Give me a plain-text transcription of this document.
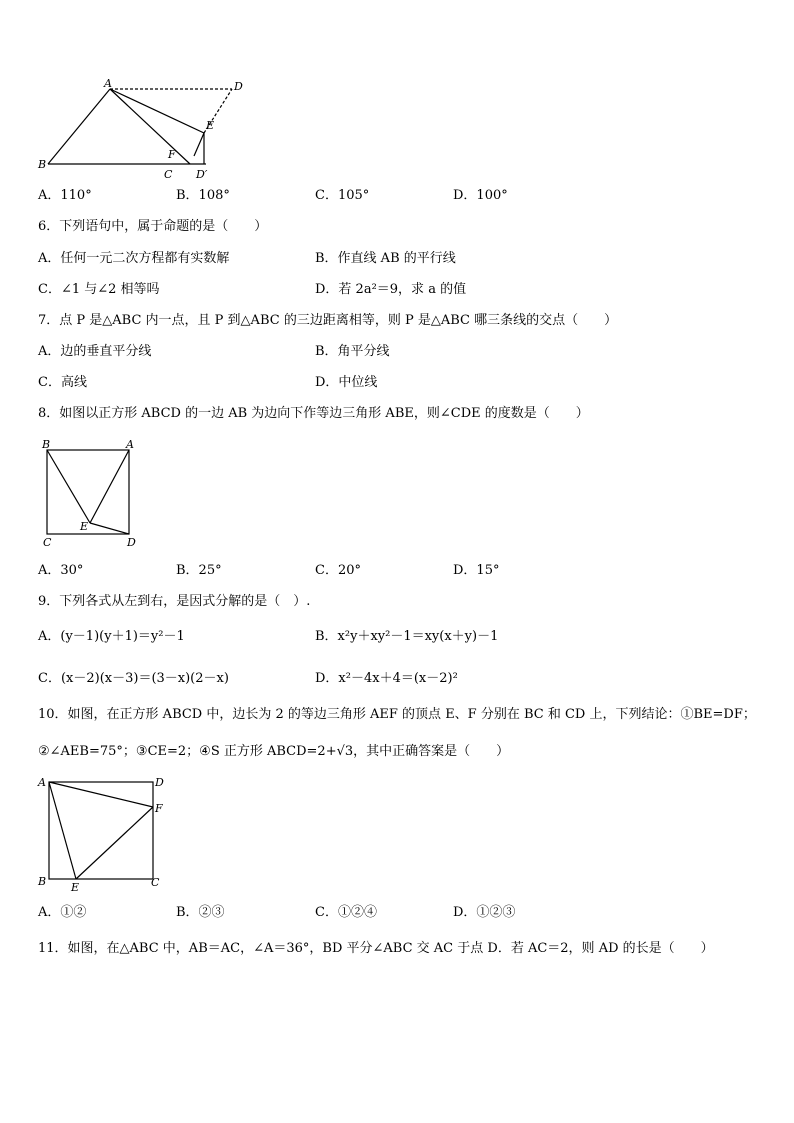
A	D
E
B
F
C D′
A．110°	B．108°	C．105°	D．100°
6．下列语句中，属于命题的是（　　）
A．任何一元二次方程都有实数解	B．作直线 AB 的平行线
C．∠1 与∠2 相等吗	D．若 2a²＝9，求 a 的值
7．点 P 是△ABC 内一点，且 P 到△ABC 的三边距离相等，则 P 是△ABC 哪三条线的交点（　　）
A．边的垂直平分线	B．角平分线
C．高线	D．中位线
8．如图以正方形 ABCD 的一边 AB 为边向下作等边三角形 ABE，则∠CDE 的度数是（　　）
B	A
E
C	D
A．30°	B．25°	C．20°	D．15°
9．下列各式从左到右，是因式分解的是（　）.
A．(y－1)(y＋1)＝y²－1	B．x²y＋xy²－1＝xy(x＋y)－1
C．(x－2)(x－3)＝(3－x)(2－x)	D．x²－4x＋4＝(x－2)²
10．如图，在正方形 ABCD 中，边长为 2 的等边三角形 AEF 的顶点 E、F 分别在 BC 和 CD 上，下列结论：①BE=DF；
②∠AEB=75°；③CE=2；④S 正方形 ABCD=2+√3，其中正确答案是（　　）
A	D
F
B E	C
A．①②	B．②③	C．①②④	D．①②③
11．如图，在△ABC 中，AB＝AC，∠A＝36°，BD 平分∠ABC 交 AC 于点 D．若 AC＝2，则 AD 的长是（　　）
